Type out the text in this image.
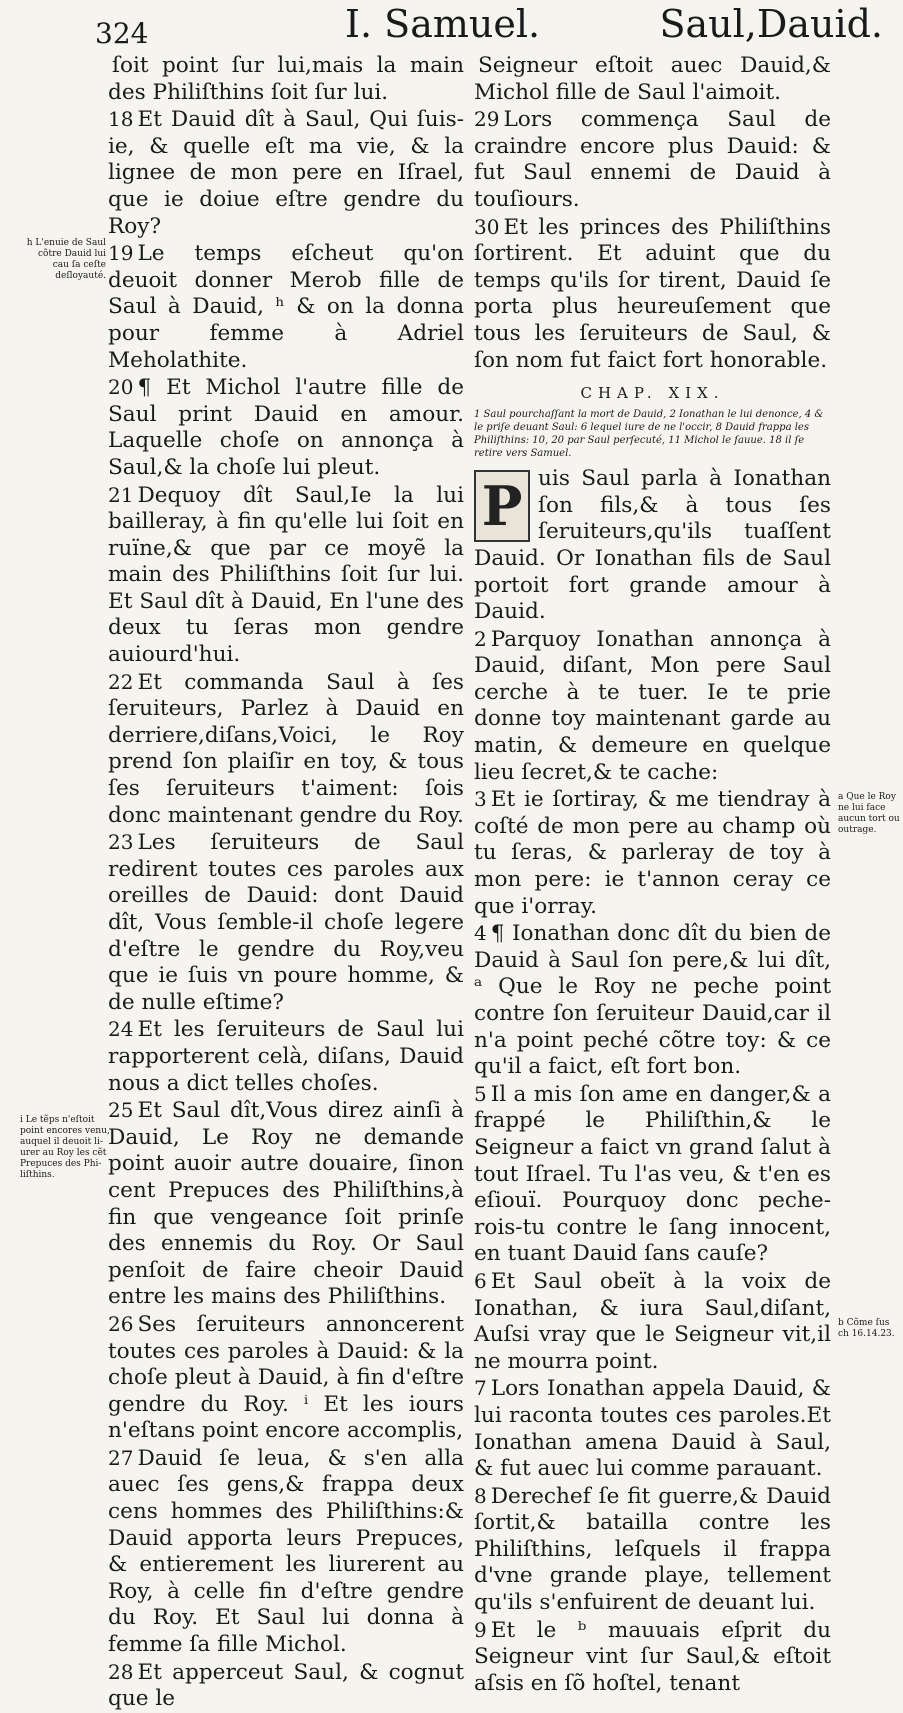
324	I. Samuel.	Saul,Dauid.

ſoit point ſur lui,mais la main des Philiſthins ſoit ſur lui.

18 Et Dauid dît à Saul, Qui ſuis-ie, & quelle eſt ma vie, & la lignee de mon pere en Iſrael, que ie doiue eſtre gendre du Roy?

19 Le temps eſcheut qu'on deuoit donner Merob fille de Saul à Dauid, ʰ & on la donna pour femme à Adriel Meholathite.

20 ¶ Et Michol l'autre fille de Saul print Dauid en amour. Laquelle choſe on annonça à Saul,& la choſe lui pleut.

21 Dequoy dît Saul,Ie la lui bailleray, à fin qu'elle lui ſoit en ruïne,& que par ce moyẽ la main des Philiſthins ſoit ſur lui. Et Saul dît à Dauid, En l'une des deux tu ſeras mon gendre auiourd'hui.

22 Et commanda Saul à ſes ſeruiteurs, Parlez à Dauid en derriere,diſans,Voici, le Roy prend ſon plaiſir en toy, & tous ſes ſeruiteurs t'aiment: ſois donc maintenant gendre du Roy.

23 Les ſeruiteurs de Saul redirent toutes ces paroles aux oreilles de Dauid: dont Dauid dît, Vous ſemble-il choſe legere d'eſtre le gendre du Roy,veu que ie ſuis vn poure homme, & de nulle eſtime?

24 Et les ſeruiteurs de Saul lui rapporterent celà, diſans, Dauid nous a dict telles choſes.

25 Et Saul dît,Vous direz ainſi à Dauid, Le Roy ne demande point auoir autre douaire, ſinon cent Prepuces des Philiſthins,à fin que vengeance ſoit prinſe des ennemis du Roy. Or Saul penſoit de faire cheoir Dauid entre les mains des Philiſthins.

26 Ses ſeruiteurs annoncerent toutes ces paroles à Dauid: & la choſe pleut à Dauid, à fin d'eſtre gendre du Roy. ⁱ Et les iours n'eſtans point encore accomplis,

27 Dauid ſe leua, & s'en alla auec ſes gens,& frappa deux cens hommes des Philiſthins:& Dauid apporta leurs Prepuces, & entierement les liurerent au Roy, à celle fin d'eſtre gendre du Roy. Et Saul lui donna à femme ſa fille Michol.

28 Et apperceut Saul, & cognut que le

Seigneur eſtoit auec Dauid,& Michol fille de Saul l'aimoit.

29 Lors commença Saul de craindre encore plus Dauid: & fut Saul ennemi de Dauid à touſiours.

30 Et les princes des Philiſthins ſortirent. Et aduint que du temps qu'ils ſor tirent, Dauid ſe porta plus heureuſement que tous les ſeruiteurs de Saul, & ſon nom fut faict fort honorable.

CHAP. XIX.

1 Saul pourchaſſant la mort de Dauid, 2 Ionathan le lui denonce, 4 & le priſe deuant Saul: 6 lequel iure de ne l'occir, 8 Dauid frappa les Philiſthins: 10, 20 par Saul perſecuté, 11 Michol le ſauue. 18 il ſe retire vers Samuel.

P uis Saul parla à Ionathan ſon fils,& à tous ſes ſeruiteurs,qu'ils tuaſſent Dauid. Or Ionathan fils de Saul portoit fort grande amour à Dauid.

2 Parquoy Ionathan annonça à Dauid, diſant, Mon pere Saul cerche à te tuer. Ie te prie donne toy maintenant garde au matin, & demeure en quelque lieu ſecret,& te cache:

3 Et ie ſortiray, & me tiendray à coſté de mon pere au champ où tu ſeras, & parleray de toy à mon pere: ie t'annon ceray ce que i'orray.

4 ¶ Ionathan donc dît du bien de Dauid à Saul ſon pere,& lui dît, ᵃ Que le Roy ne peche point contre ſon ſeruiteur Dauid,car il n'a point peché cõtre toy: & ce qu'il a faict, eſt fort bon.

5 Il a mis ſon ame en danger,& a frappé le Philiſthin,& le Seigneur a faict vn grand ſalut à tout Iſrael. Tu l'as veu, & t'en es eſiouï. Pourquoy donc pecherois-tu contre le ſang innocent, en tuant Dauid ſans cauſe?

6 Et Saul obeït à la voix de Ionathan, & iura Saul,diſant, Auſsi vray que le Seigneur vit,il ne mourra point.

7 Lors Ionathan appela Dauid, & lui raconta toutes ces paroles.Et Ionathan amena Dauid à Saul, & fut auec lui comme parauant.

8 Derechef ſe fit guerre,& Dauid ſortit,& batailla contre les Philiſthins, leſquels il frappa d'vne grande playe, tellement qu'ils s'enfuirent de deuant lui.

9 Et le ᵇ mauuais eſprit du Seigneur vint ſur Saul,& eſtoit aſsis en ſõ hoſtel, tenant

h L'enuie de Saul cõtre Dauid lui cau ſa ceſte deſloyauté.
i Le tẽps n'eſtoit point encores venu, auquel il deuoit liurer au Roy les cẽt Prepuces des Philiſthins.
a Que le Roy ne lui face aucun tort ou outrage.
b Cõme ſus ch 16.14.23.
